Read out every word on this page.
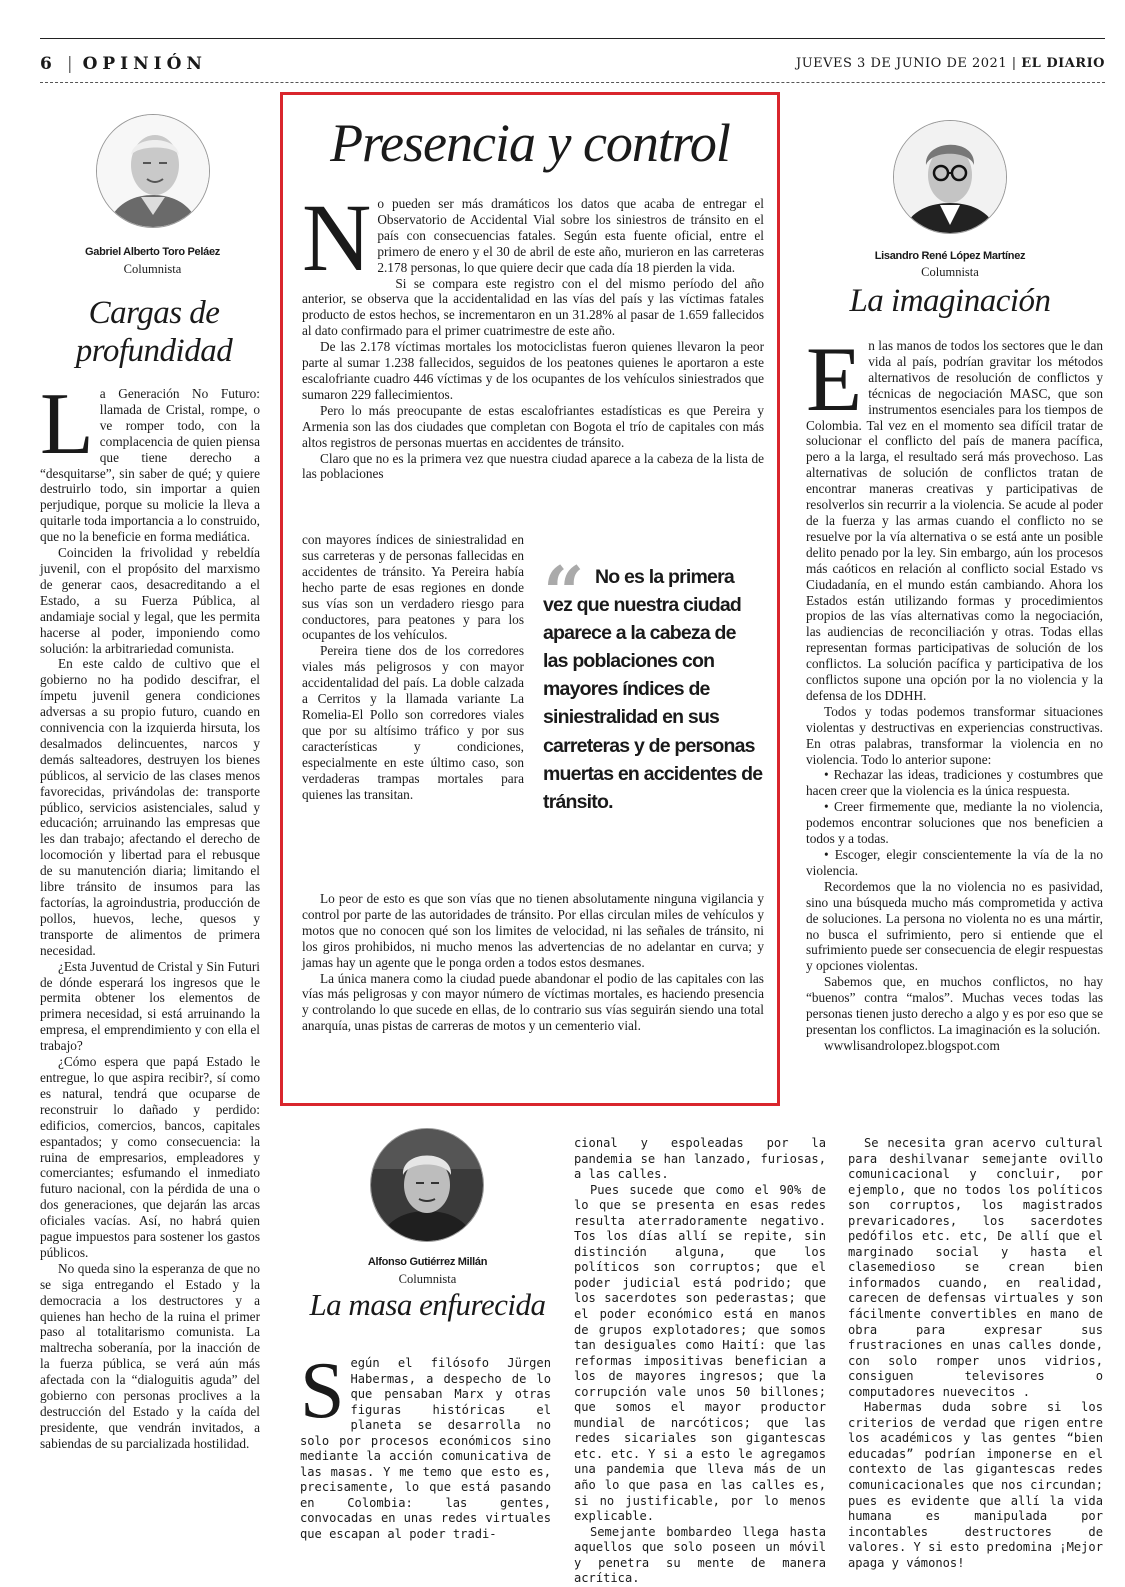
6 | OPINIÓN	JUEVES 3 DE JUNIO DE 2021 | EL DIARIO
Gabriel Alberto Toro Peláez
Columnista
Cargas de
profundidad

La Generación No Futuro: llamada de Cristal, rompe, o ve romper todo, con la complacencia de quien piensa que tiene derecho a “desquitarse”, sin saber de qué; y quiere destruirlo todo, sin importar a quien perjudique, porque su molicie la lleva a quitarle toda importancia a lo construido, que no la beneficie en forma mediática.

Coinciden la frivolidad y rebeldía juvenil, con el propósito del marxismo de generar caos, desacreditando a el Estado, a su Fuerza Pública, al andamiaje social y legal, que les permita hacerse al poder, imponiendo como solución: la arbitrariedad comunista.

En este caldo de cultivo que el gobierno no ha podido descifrar, el ímpetu juvenil genera condiciones adversas a su propio futuro, cuando en connivencia con la izquierda hirsuta, los desalmados delincuentes, narcos y demás salteadores, destruyen los bienes públicos, al servicio de las clases menos favorecidas, privándolas de: transporte público, servicios asistenciales, salud y educación; arruinando las empresas que les dan trabajo; afectando el derecho de locomoción y libertad para el rebusque de su manutención diaria; limitando el libre tránsito de insumos para las factorías, la agroindustria, producción de pollos, huevos, leche, quesos y transporte de alimentos de primera necesidad.

¿Esta Juventud de Cristal y Sin Futuri de dónde esperará los ingresos que le permita obtener los elementos de primera necesidad, si está arruinando la empresa, el emprendimiento y con ella el trabajo?

¿Cómo espera que papá Estado le entregue, lo que aspira recibir?, sí como es natural, tendrá que ocuparse de reconstruir lo dañado y perdido: edificios, comercios, bancos, capitales espantados; y como consecuencia: la ruina de empresarios, empleadores y comerciantes; esfumando el inmediato futuro nacional, con la pérdida de una o dos generaciones, que dejarán las arcas oficiales vacías. Así, no habrá quien pague impuestos para sostener los gastos públicos.

No queda sino la esperanza de que no se siga entregando el Estado y la democracia a los destructores y a quienes han hecho de la ruina el primer paso al totalitarismo comunista. La maltrecha soberanía, por la inacción de la fuerza pública, se verá aún más afectada con la “dialoguitis aguda” del gobierno con personas proclives a la destrucción del Estado y la caída del presidente, que vendrán invitados, a sabiendas de su parcializada hostilidad.

Presencia y control

No pueden ser más dramáticos los datos que acaba de entregar el Observatorio de Accidental Vial sobre los siniestros de tránsito en el país con consecuencias fatales. Según esta fuente oficial, entre el primero de enero y el 30 de abril de este año, murieron en las carreteras 2.178 personas, lo que quiere decir que cada día 18 pierden la vida.

Si se compara este registro con el del mismo período del año anterior, se observa que la accidentalidad en las vías del país y las víctimas fatales producto de estos hechos, se incrementaron en un 31.28% al pasar de 1.659 fallecidos al dato confirmado para el primer cuatrimestre de este año.

De las 2.178 víctimas mortales los motociclistas fueron quienes llevaron la peor parte al sumar 1.238 fallecidos, seguidos de los peatones quienes le aportaron a este escalofriante cuadro 446 víctimas y de los ocupantes de los vehículos siniestrados que sumaron 229 fallecimientos.

Pero lo más preocupante de estas escalofriantes estadísticas es que Pereira y Armenia son las dos ciudades que completan con Bogota el trío de capitales con más altos registros de personas muertas en accidentes de tránsito.

Claro que no es la primera vez que nuestra ciudad aparece a la cabeza de la lista de las poblaciones

con mayores índices de siniestralidad en sus carreteras y de personas fallecidas en accidentes de tránsito. Ya Pereira había hecho parte de esas regiones en donde sus vías son un verdadero riesgo para conductores, para peatones y para los ocupantes de los vehículos.

Pereira tiene dos de los corredores viales más peligrosos y con mayor accidentalidad del país. La doble calzada a Cerritos y la llamada variante La Romelia-El Pollo son corredores viales que por su altísimo tráfico y por sus características y condiciones, especialmente en este último caso, son verdaderas trampas mortales para quienes las transitan.

“ No es la primera vez que nuestra ciudad aparece a la cabeza de las poblaciones con mayores índices de siniestralidad en sus carreteras y de personas muertas en accidentes de tránsito.

Lo peor de esto es que son vías que no tienen absolutamente ninguna vigilancia y control por parte de las autoridades de tránsito. Por ellas circulan miles de vehículos y motos que no conocen qué son los limites de velocidad, ni las señales de tránsito, ni los giros prohibidos, ni mucho menos las advertencias de no adelantar en curva; y jamas hay un agente que le ponga orden a todos estos desmanes.

La única manera como la ciudad puede abandonar el podio de las capitales con las vías más peligrosas y con mayor número de víctimas mortales, es haciendo presencia y controlando lo que sucede en ellas, de lo contrario sus vías seguirán siendo una total anarquía, unas pistas de carreras de motos y un cementerio vial.

Lisandro René López Martínez
Columnista
La imaginación

En las manos de todos los sectores que le dan vida al país, podrían gravitar los métodos alternativos de resolución de conflictos y técnicas de negociación MASC, que son instrumentos esenciales para los tiempos de Colombia. Tal vez en el momento sea difícil tratar de solucionar el conflicto del país de manera pacífica, pero a la larga, el resultado será más provechoso. Las alternativas de solución de conflictos tratan de encontrar maneras creativas y participativas de resolverlos sin recurrir a la violencia. Se acude al poder de la fuerza y las armas cuando el conflicto no se resuelve por la vía alternativa o se está ante un posible delito penado por la ley. Sin embargo, aún los procesos más caóticos en relación al conflicto social Estado vs Ciudadanía, en el mundo están cambiando. Ahora los Estados están utilizando formas y procedimientos propios de las vías alternativas como la negociación, las audiencias de reconciliación y otras. Todas ellas representan formas participativas de solución de los conflictos. La solución pacífica y participativa de los conflictos supone una opción por la no violencia y la defensa de los DDHH.

Todos y todas podemos transformar situaciones violentas y destructivas en experiencias constructivas. En otras palabras, transformar la violencia en no violencia. Todo lo anterior supone:

• Rechazar las ideas, tradiciones y costumbres que hacen creer que la violencia es la única respuesta.

• Creer firmemente que, mediante la no violencia, podemos encontrar soluciones que nos beneficien a todos y a todas.

• Escoger, elegir conscientemente la vía de la no violencia.

Recordemos que la no violencia no es pasividad, sino una búsqueda mucho más comprometida y activa de soluciones. La persona no violenta no es una mártir, no busca el sufrimiento, pero si entiende que el sufrimiento puede ser consecuencia de elegir respuestas y opciones violentas.

Sabemos que, en muchos conflictos, no hay “buenos” contra “malos”. Muchas veces todas las personas tienen justo derecho a algo y es por eso que se presentan los conflictos. La imaginación es la solución.

wwwlisandrolopez.blogspot.com

Alfonso Gutiérrez Millán
Columnista
La masa enfurecida

Según el filósofo Jürgen Habermas, a despecho de lo que pensaban Marx y otras figuras históricas el planeta se desarrolla no solo por procesos económicos sino mediante la acción comunicativa de las masas. Y me temo que esto es, precisamente, lo que está pasando en Colombia: las gentes, convocadas en unas redes virtuales que escapan al poder tradi-

cional y espoleadas por la pandemia se han lanzado, furiosas, a las calles.

Pues sucede que como el 90% de lo que se presenta en esas redes resulta aterradoramente negativo. Tos los días allí se repite, sin distinción alguna, que los políticos son corruptos; que el poder judicial está podrido; que los sacerdotes son pederastas; que el poder económico está en manos de grupos explotadores; que somos tan desiguales como Haití: que las reformas impositivas benefician a los de mayores ingresos; que la corrupción vale unos 50 billones; que somos el mayor productor mundial de narcóticos; que las redes sicariales son gigantescas etc. etc. Y si a esto le agregamos una pandemia que lleva más de un año lo que pasa en las calles es, si no justificable, por lo menos explicable.

Semejante bombardeo llega hasta aquellos que solo poseen un móvil y penetra su mente de manera acrítica.

Se necesita gran acervo cultural para deshilvanar semejante ovillo comunicacional y concluir, por ejemplo, que no todos los políticos son corruptos, los magistrados prevaricadores, los sacerdotes pedófilos etc. etc, De allí que el marginado social y hasta el clasemedioso se crean bien informados cuando, en realidad, carecen de defensas virtuales y son fácilmente convertibles en mano de obra para expresar sus frustraciones en unas calles donde, con solo romper unos vidrios, consiguen televisores o computadores nuevecitos .

Habermas duda sobre si los criterios de verdad que rigen entre los académicos y las gentes “bien educadas” podrían imponerse en el contexto de las gigantescas redes comunicacionales que nos circundan; pues es evidente que allí la vida humana es manipulada por incontables destructores de valores. Y si esto predomina ¡Mejor apaga y vámonos!
